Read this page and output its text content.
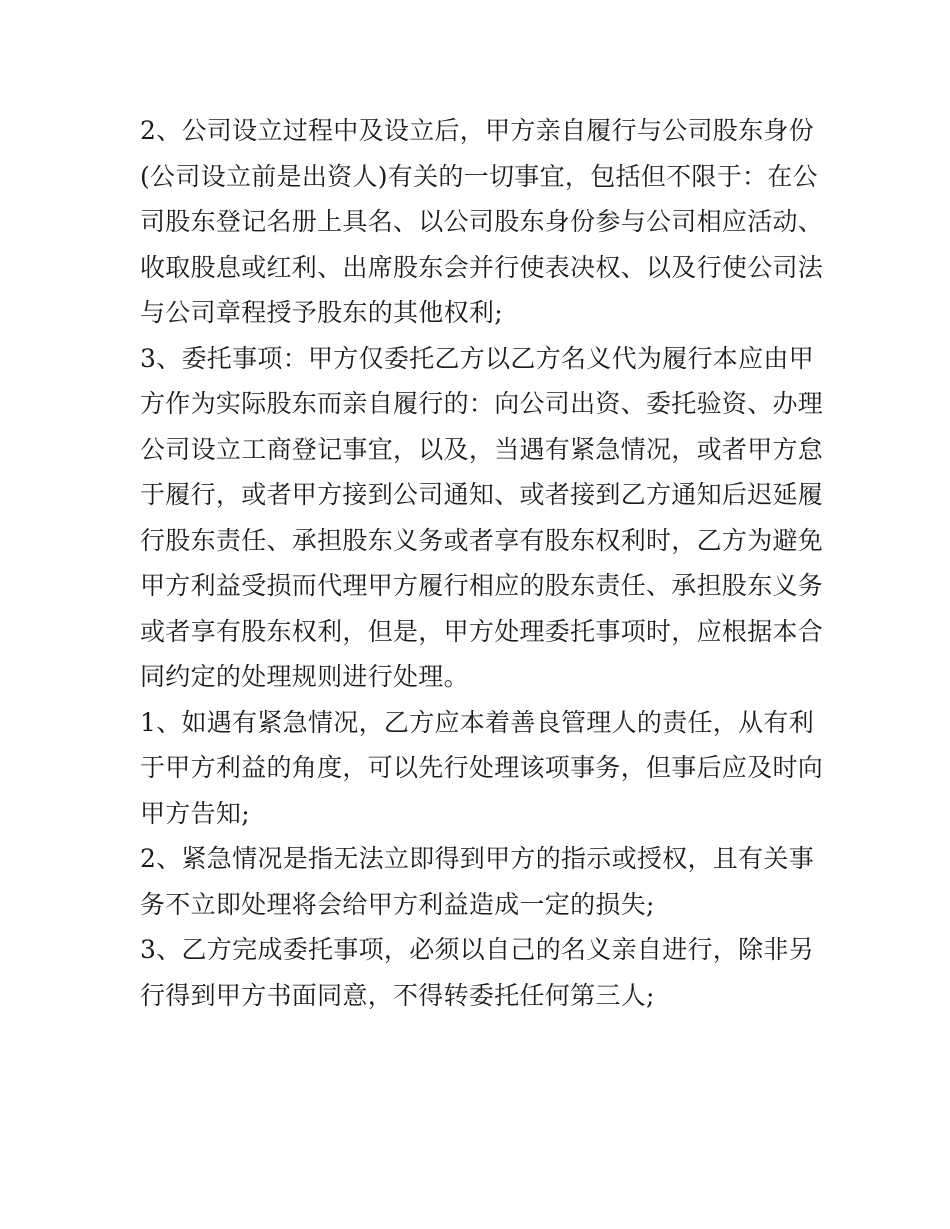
2、公司设立过程中及设立后，甲方亲自履行与公司股东身份
(公司设立前是出资人)有关的一切事宜，包括但不限于：在公
司股东登记名册上具名、以公司股东身份参与公司相应活动、
收取股息或红利、出席股东会并行使表决权、以及行使公司法
与公司章程授予股东的其他权利;
3、委托事项：甲方仅委托乙方以乙方名义代为履行本应由甲
方作为实际股东而亲自履行的：向公司出资、委托验资、办理
公司设立工商登记事宜，以及，当遇有紧急情况，或者甲方怠
于履行，或者甲方接到公司通知、或者接到乙方通知后迟延履
行股东责任、承担股东义务或者享有股东权利时，乙方为避免
甲方利益受损而代理甲方履行相应的股东责任、承担股东义务
或者享有股东权利，但是，甲方处理委托事项时，应根据本合
同约定的处理规则进行处理。
1、如遇有紧急情况，乙方应本着善良管理人的责任，从有利
于甲方利益的角度，可以先行处理该项事务，但事后应及时向
甲方告知;
2、紧急情况是指无法立即得到甲方的指示或授权，且有关事
务不立即处理将会给甲方利益造成一定的损失;
3、乙方完成委托事项，必须以自己的名义亲自进行，除非另
行得到甲方书面同意，不得转委托任何第三人;
